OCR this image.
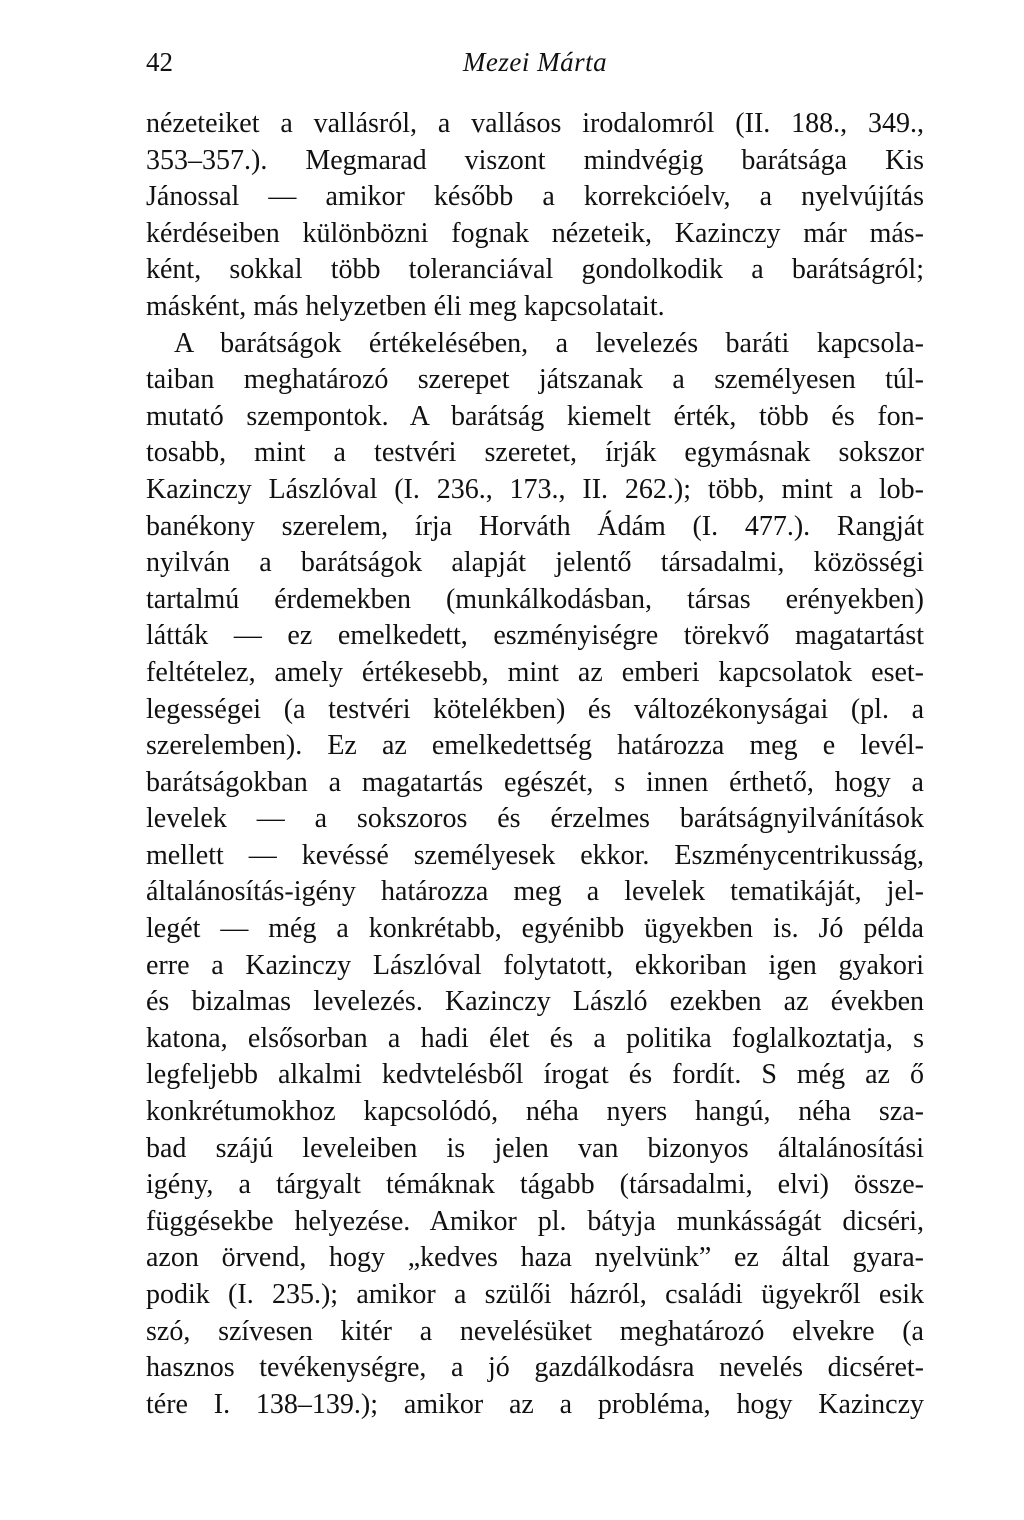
42	Mezei Márta
nézeteiket a vallásról, a vallásos irodalomról (II. 188., 349.,
353–357.). Megmarad viszont mindvégig barátsága Kis
Jánossal — amikor később a korrekcióelv, a nyelvújítás
kérdéseiben különbözni fognak nézeteik, Kazinczy már más-
ként, sokkal több toleranciával gondolkodik a barátságról;
másként, más helyzetben éli meg kapcsolatait.
A barátságok értékelésében, a levelezés baráti kapcsola-
taiban meghatározó szerepet játszanak a személyesen túl-
mutató szempontok. A barátság kiemelt érték, több és fon-
tosabb, mint a testvéri szeretet, írják egymásnak sokszor
Kazinczy Lászlóval (I. 236., 173., II. 262.); több, mint a lob-
banékony szerelem, írja Horváth Ádám (I. 477.). Rangját
nyilván a barátságok alapját jelentő társadalmi, közösségi
tartalmú érdemekben (munkálkodásban, társas erényekben)
látták — ez emelkedett, eszményiségre törekvő magatartást
feltételez, amely értékesebb, mint az emberi kapcsolatok eset-
legességei (a testvéri kötelékben) és változékonyságai (pl. a
szerelemben). Ez az emelkedettség határozza meg e levél-
barátságokban a magatartás egészét, s innen érthető, hogy a
levelek — a sokszoros és érzelmes barátságnyilvánítások
mellett — kevéssé személyesek ekkor. Eszménycentrikusság,
általánosítás-igény határozza meg a levelek tematikáját, jel-
legét — még a konkrétabb, egyénibb ügyekben is. Jó példa
erre a Kazinczy Lászlóval folytatott, ekkoriban igen gyakori
és bizalmas levelezés. Kazinczy László ezekben az években
katona, elsősorban a hadi élet és a politika foglalkoztatja, s
legfeljebb alkalmi kedvtelésből írogat és fordít. S még az ő
konkrétumokhoz kapcsolódó, néha nyers hangú, néha sza-
bad szájú leveleiben is jelen van bizonyos általánosítási
igény, a tárgyalt témáknak tágabb (társadalmi, elvi) össze-
függésekbe helyezése. Amikor pl. bátyja munkásságát dicséri,
azon örvend, hogy „kedves haza nyelvünk” ez által gyara-
podik (I. 235.); amikor a szülői házról, családi ügyekről esik
szó, szívesen kitér a nevelésüket meghatározó elvekre (a
hasznos tevékenységre, a jó gazdálkodásra nevelés dicséret-
tére I. 138–139.); amikor az a probléma, hogy Kazinczy
